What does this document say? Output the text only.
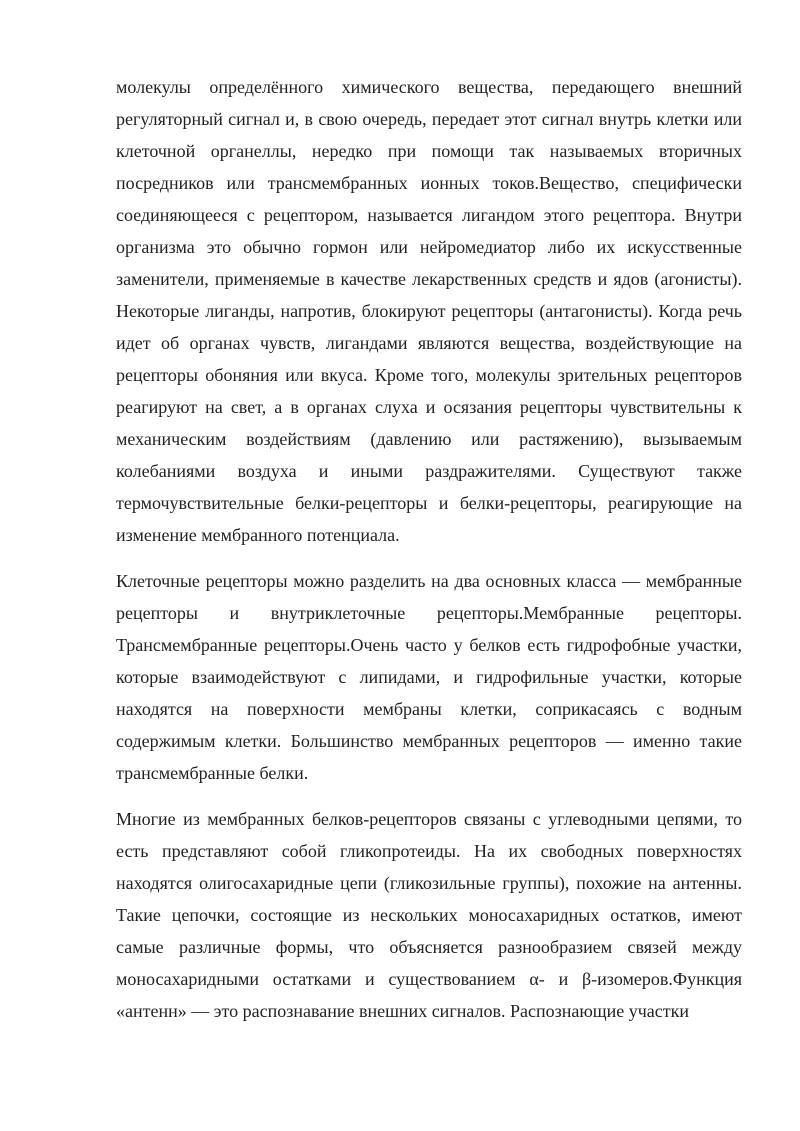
молекулы определённого химического вещества, передающего внешний регуляторный сигнал и, в свою очередь, передает этот сигнал внутрь клетки или клеточной органеллы, нередко при помощи так называемых вторичных посредников или трансмембранных ионных токов.Вещество, специфически соединяющееся с рецептором, называется лигандом этого рецептора. Внутри организма это обычно гормон или нейромедиатор либо их искусственные заменители, применяемые в качестве лекарственных средств и ядов (агонисты). Некоторые лиганды, напротив, блокируют рецепторы (антагонисты). Когда речь идет об органах чувств, лигандами являются вещества, воздействующие на рецепторы обоняния или вкуса. Кроме того, молекулы зрительных рецепторов реагируют на свет, а в органах слуха и осязания рецепторы чувствительны к механическим воздействиям (давлению или растяжению), вызываемым колебаниями воздуха и иными раздражителями. Существуют также термочувствительные белки-рецепторы и белки-рецепторы, реагирующие на изменение мембранного потенциала.

Клеточные рецепторы можно разделить на два основных класса — мембранные рецепторы и внутриклеточные рецепторы.Мембранные рецепторы. Трансмембранные рецепторы.Очень часто у белков есть гидрофобные участки, которые взаимодействуют с липидами, и гидрофильные участки, которые находятся на поверхности мембраны клетки, соприкасаясь с водным содержимым клетки. Большинство мембранных рецепторов — именно такие трансмембранные белки.

Многие из мембранных белков-рецепторов связаны с углеводными цепями, то есть представляют собой гликопротеиды. На их свободных поверхностях находятся олигосахаридные цепи (гликозильные группы), похожие на антенны. Такие цепочки, состоящие из нескольких моносахаридных остатков, имеют самые различные формы, что объясняется разнообразием связей между моносахаридными остатками и существованием α- и β-изомеров.Функция «антенн» — это распознавание внешних сигналов. Распознающие участки
